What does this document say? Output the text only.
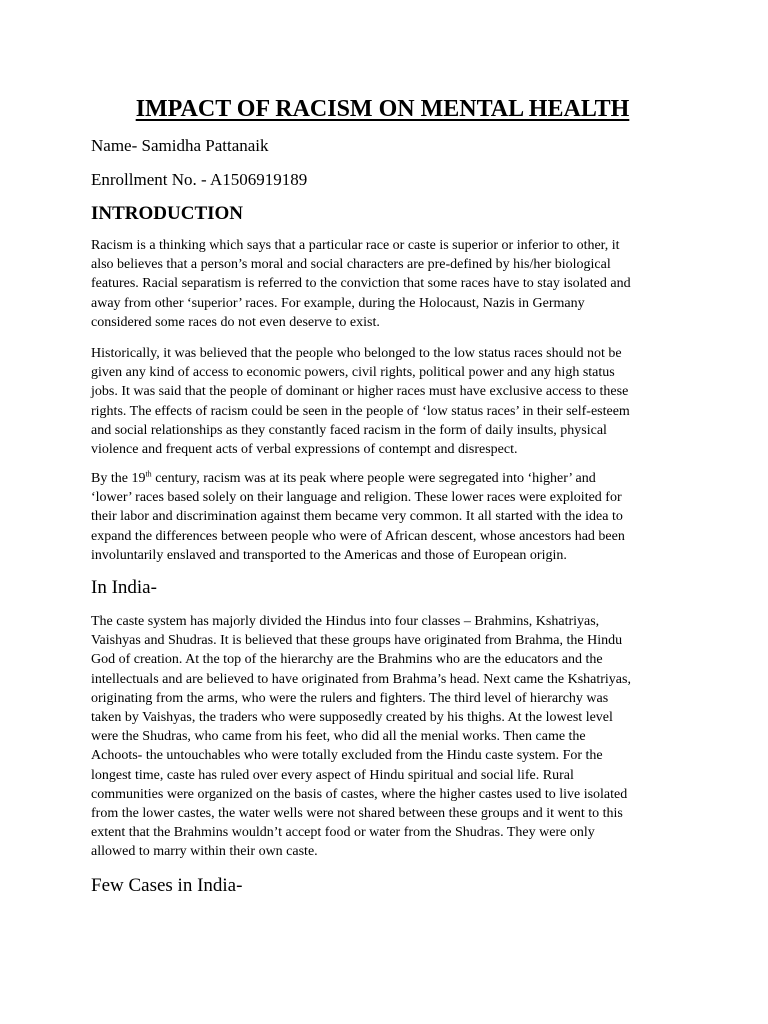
IMPACT OF RACISM ON MENTAL HEALTH

Name- Samidha Pattanaik

Enrollment No. - A1506919189

INTRODUCTION
Racism is a thinking which says that a particular race or caste is superior or inferior to other, it
also believes that a person’s moral and social characters are pre-defined by his/her biological
features. Racial separatism is referred to the conviction that some races have to stay isolated and
away from other ‘superior’ races. For example, during the Holocaust, Nazis in Germany
considered some races do not even deserve to exist.
Historically, it was believed that the people who belonged to the low status races should not be
given any kind of access to economic powers, civil rights, political power and any high status
jobs. It was said that the people of dominant or higher races must have exclusive access to these
rights. The effects of racism could be seen in the people of ‘low status races’ in their self-esteem
and social relationships as they constantly faced racism in the form of daily insults, physical
violence and frequent acts of verbal expressions of contempt and disrespect.
By the 19th century, racism was at its peak where people were segregated into ‘higher’ and
‘lower’ races based solely on their language and religion. These lower races were exploited for
their labor and discrimination against them became very common. It all started with the idea to
expand the differences between people who were of African descent, whose ancestors had been
involuntarily enslaved and transported to the Americas and those of European origin.
In India-
The caste system has majorly divided the Hindus into four classes – Brahmins, Kshatriyas,
Vaishyas and Shudras. It is believed that these groups have originated from Brahma, the Hindu
God of creation. At the top of the hierarchy are the Brahmins who are the educators and the
intellectuals and are believed to have originated from Brahma’s head. Next came the Kshatriyas,
originating from the arms, who were the rulers and fighters. The third level of hierarchy was
taken by Vaishyas, the traders who were supposedly created by his thighs. At the lowest level
were the Shudras, who came from his feet, who did all the menial works. Then came the
Achoots- the untouchables who were totally excluded from the Hindu caste system. For the
longest time, caste has ruled over every aspect of Hindu spiritual and social life. Rural
communities were organized on the basis of castes, where the higher castes used to live isolated
from the lower castes, the water wells were not shared between these groups and it went to this
extent that the Brahmins wouldn’t accept food or water from the Shudras. They were only
allowed to marry within their own caste.
Few Cases in India-
